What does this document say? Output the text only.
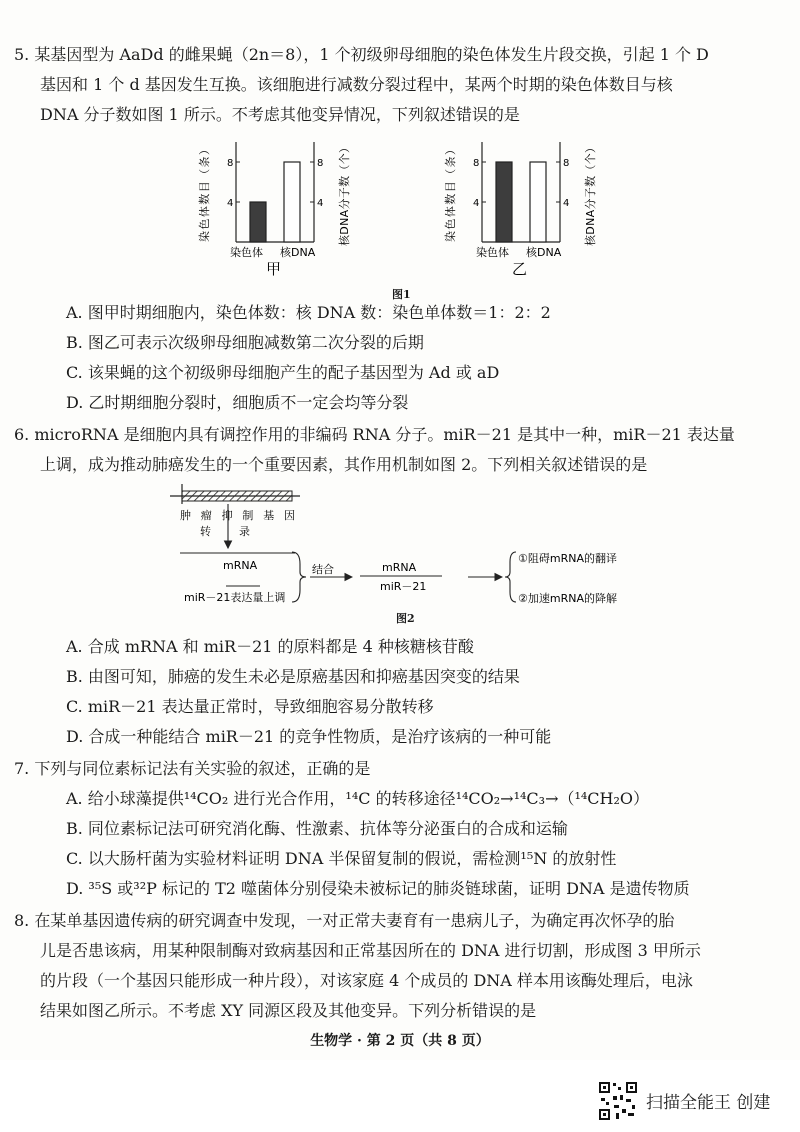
5. 某基因型为 AaDd 的雌果蝇（2n＝8），1 个初级卵母细胞的染色体发生片段交换，引起 1 个 D
基因和 1 个 d 基因发生互换。该细胞进行减数分裂过程中，某两个时期的染色体数目与核
DNA 分子数如图 1 所示。不考虑其他变异情况，下列叙述错误的是
4	4
8	8
染色体数目（条）
核DNA分子数（个）
染色体 核DNA
甲
4	4
8	8
染色体数目（条）
核DNA分子数（个）
染色体 核DNA
乙
图1
A. 图甲时期细胞内，染色体数：核 DNA 数：染色单体数＝1：2：2
B. 图乙可表示次级卵母细胞减数第二次分裂的后期
C. 该果蝇的这个初级卵母细胞产生的配子基因型为 Ad 或 aD
D. 乙时期细胞分裂时，细胞质不一定会均等分裂
6. microRNA 是细胞内具有调控作用的非编码 RNA 分子。miR－21 是其中一种，miR－21 表达量
上调，成为推动肺癌发生的一个重要因素，其作用机制如图 2。下列相关叙述错误的是
肿瘤抑制基因
转录
mRNA
miR－21表达量上调
结合	mRNA
miR－21
①阻碍mRNA的翻译
②加速mRNA的降解
图2
A. 合成 mRNA 和 miR－21 的原料都是 4 种核糖核苷酸
B. 由图可知，肺癌的发生未必是原癌基因和抑癌基因突变的结果
C. miR－21 表达量正常时，导致细胞容易分散转移
D. 合成一种能结合 miR－21 的竞争性物质，是治疗该病的一种可能
7. 下列与同位素标记法有关实验的叙述，正确的是
A. 给小球藻提供¹⁴CO₂ 进行光合作用，¹⁴C 的转移途径¹⁴CO₂→¹⁴C₃→（¹⁴CH₂O）
B. 同位素标记法可研究消化酶、性激素、抗体等分泌蛋白的合成和运输
C. 以大肠杆菌为实验材料证明 DNA 半保留复制的假说，需检测¹⁵N 的放射性
D. ³⁵S 或³²P 标记的 T2 噬菌体分别侵染未被标记的肺炎链球菌，证明 DNA 是遗传物质
8. 在某单基因遗传病的研究调查中发现，一对正常夫妻育有一患病儿子，为确定再次怀孕的胎
儿是否患该病，用某种限制酶对致病基因和正常基因所在的 DNA 进行切割，形成图 3 甲所示
的片段（一个基因只能形成一种片段），对该家庭 4 个成员的 DNA 样本用该酶处理后，电泳
结果如图乙所示。不考虑 XY 同源区段及其他变异。下列分析错误的是
生物学 · 第 2 页（共 8 页）
扫描全能王 创建
